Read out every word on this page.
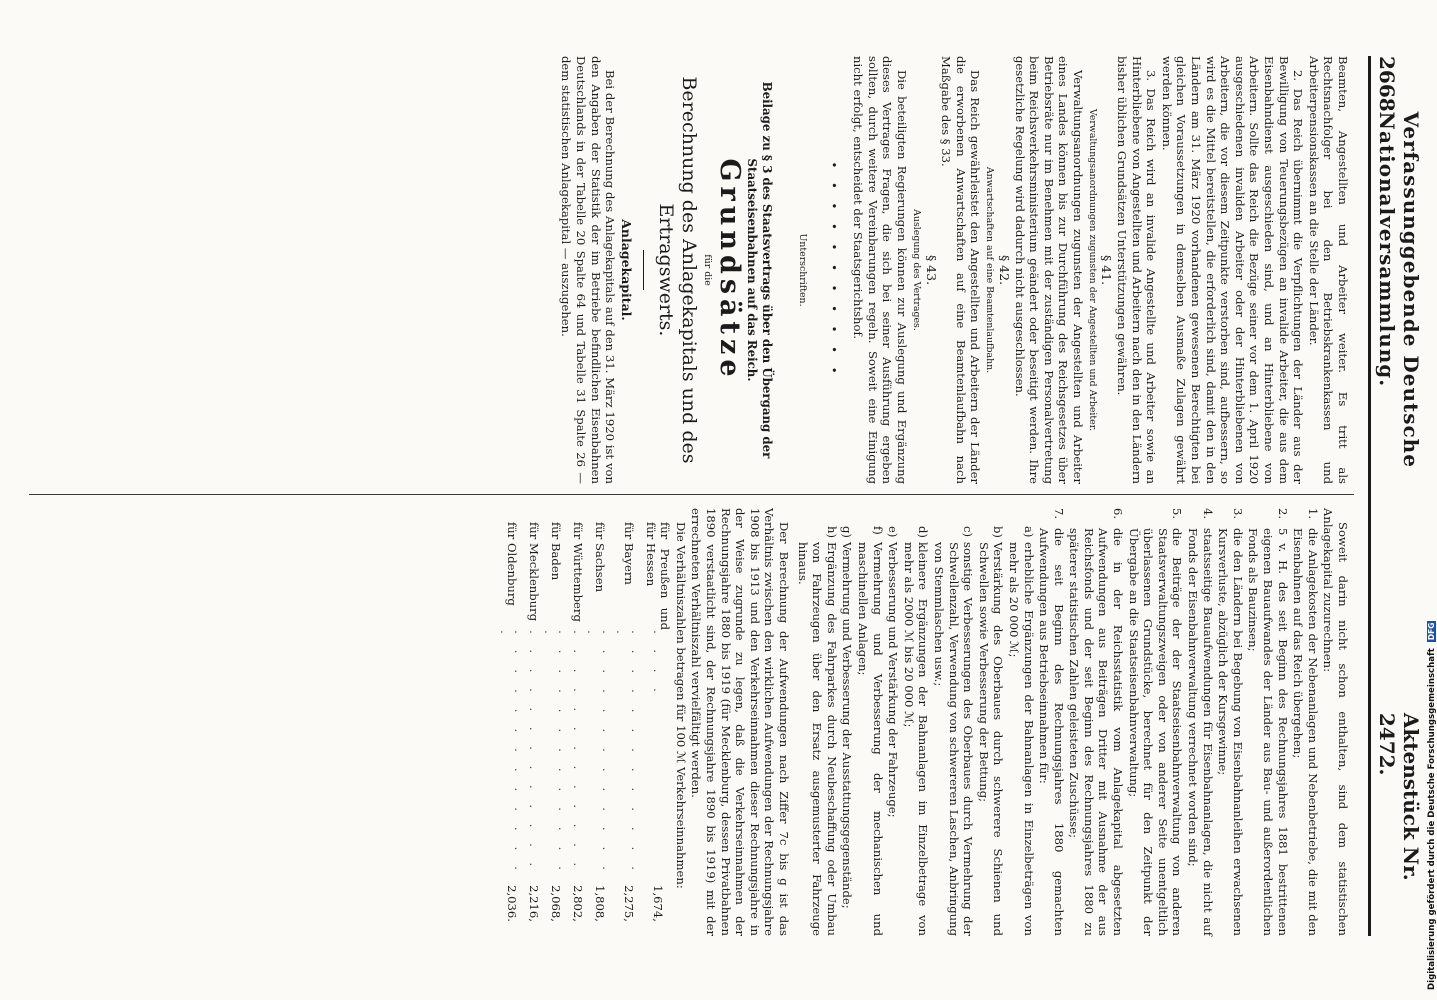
2668
Verfassunggebende Deutsche Nationalversammlung.
Aktenstück Nr. 2472.

Beamten, Angestellten und Arbeiter weiter. Es tritt als Rechtsnachfolger bei den Betriebskrankenkassen und Arbeiterpensionskassen an die Stelle der Länder.

2. Das Reich übernimmt die Verpflichtungen der Länder aus der Bewilligung von Teuerungsbezügen an invalide Arbeiter, die aus dem Eisenbahndienst ausgeschieden sind, und an Hinterbliebene von Arbeitern. Sollte das Reich die Bezüge seiner vor dem 1. April 1920 ausgeschiedenen invaliden Arbeiter oder der Hinterbliebenen von Arbeitern, die vor diesem Zeitpunkte verstorben sind, aufbessern, so wird es die Mittel bereitstellen, die erforderlich sind, damit den in den Ländern am 31. März 1920 vorhandenen gewesenen Berechtigten bei gleichen Voraussetzungen in demselben Ausmaße Zulagen gewährt werden können.

3. Das Reich wird an invalide Angestellte und Arbeiter sowie an Hinterbliebene von Angestellten und Arbeitern nach den in den Ländern bisher üblichen Grundsätzen Unterstützungen gewähren.

§ 41.

Verwaltungsanordnungen zugunsten der Angestellten und Arbeiter.

Verwaltungsanordnungen zugunsten der Angestellten und Arbeiter eines Landes können bis zur Durchführung des Reichsgesetzes über Betriebsräte nur im Benehmen mit der zuständigen Personalvertretung beim Reichsverkehrsministerium geändert oder beseitigt werden. Ihre gesetzliche Regelung wird dadurch nicht ausgeschlossen.

§ 42.

Anwartschaften auf eine Beamtenlaufbahn.

Das Reich gewährleistet den Angestellten und Arbeitern der Länder die erworbenen Anwartschaften auf eine Beamtenlaufbahn nach Maßgabe des § 33.

§ 43.

Auslegung des Vertrages.

Die beteiligten Regierungen können zur Auslegung und Ergänzung dieses Vertrages Fragen, die sich bei seiner Ausführung ergeben sollten, durch weitere Vereinbarungen regeln. Soweit eine Einigung nicht erfolgt, entscheidet der Staatsgerichtshof.

• • • • • • • • • • •

Unterschriften.

Beilage zu § 3 des Staatsvertrags über den Übergang der Staatseisenbahnen auf das Reich.

Grundsätze

für die

Berechnung des Anlagekapitals und des Ertragswerts.

Anlagekapital.

Bei der Berechnung des Anlagekapitals auf den 31. März 1920 ist von den Angaben der Statistik der im Betriebe befindlichen Eisenbahnen Deutschlands in der Tabelle 20 Spalte 64 und Tabelle 31 Spalte 26 — dem statistischen Anlagekapital — auszugehen.

Soweit darin nicht schon enthalten, sind dem statistischen Anlagekapital zuzurechnen:

1.
die Anlagekosten der Nebenanlagen und Nebenbetriebe, die mit den Eisenbahnen auf das Reich übergehen;
2.
5 v. H. des seit Beginn des Rechnungsjahres 1881 bestrittenen eigenen Bauaufwandes der Länder aus Bau- und außerordentlichen Fonds als Bauzinsen;
3.
die den Ländern bei Begebung von Eisenbahnanleihen erwachsenen Kursverluste, abzüglich der Kursgewinne;
4.
staatsseitige Bauaufwendungen für Eisenbahnanlagen, die nicht auf Fonds der Eisenbahnverwaltung verrechnet worden sind;
5.
die Beiträge der der Staatseisenbahnverwaltung von anderen Staatsverwaltungszweigen oder von anderer Seite unentgeltlich überlassenen Grundstücke, berechnet für den Zeitpunkt der Übergabe an die Staatseisenbahnverwaltung;
6.
die in der Reichsstatistik vom Anlagekapital abgesetzten Aufwendungen aus Beiträgen Dritter mit Ausnahme der aus Reichsfonds und der seit Beginn des Rechnungsjahres 1880 zu späterer statistischen Zahlen geleisteten Zuschüsse;
7.
die seit Beginn des Rechnungsjahres 1880 gemachten Aufwendungen aus Betriebseinnahmen für:
a)
erhebliche Ergänzungen der Bahnanlagen in Einzelbeträgen von mehr als 20 000 ℳ;
b)
Verstärkung des Oberbaues durch schwerere Schienen und Schwellen sowie Verbesserung der Bettung;
c)
sonstige Verbesserungen des Oberbaues durch Vermehrung der Schwellenzahl, Verwendung von schwereren Laschen, Anbringung von Stemmlaschen usw.;
d)
kleinere Ergänzungen der Bahnanlagen im Einzelbetrage von mehr als 2000 ℳ bis 20 000 ℳ;
e)
Verbesserung und Verstärkung der Fahrzeuge;
f)
Vermehrung und Verbesserung der mechanischen und maschinellen Anlagen;
g)
Vermehrung und Verbesserung der Ausstattungsgegenstände;
h)
Ergänzung des Fahrparkes durch Neubeschaffung oder Umbau von Fahrzeugen über den Ersatz ausgemusterter Fahrzeuge hinaus.

Der Berechnung der Aufwendungen nach Ziffer 7c bis g ist das Verhältnis zwischen den wirklichen Aufwendungen der Rechnungsjahre 1908 bis 1913 und den Verkehrseinnahmen dieser Rechnungsjahre in der Weise zugrunde zu legen, daß die Verkehrseinnahmen der Rechnungsjahre 1880 bis 1919 (für Mecklenburg, dessen Privatbahnen 1890 verstaatlicht sind, der Rechnungsjahre 1890 bis 1919) mit der errechneten Verhältniszahl vervielfältigt werden.

Die Verhältniszahlen betragen für 100 ℳ Verkehrseinnahmen:

für Preußen und für Hessen	. . . .	1,674,
für Bayern	. . . . . . . . . . . . . .	2,275,
für Sachsen	. . . . . . . . . . . . . .	1,808,
für Württemberg	. . . . . . . . . . . . .	2,802,
für Baden	. . . . . . . . . . . . . .	2,068,
für Mecklenburg	. . . . . . . . . . . . .	2,216,
für Oldenburg	. . . . . . . . . . . . . .	2,036.	Digitalisierung gefördert durch die Deutsche Forschungsgemeinschaft DFG
